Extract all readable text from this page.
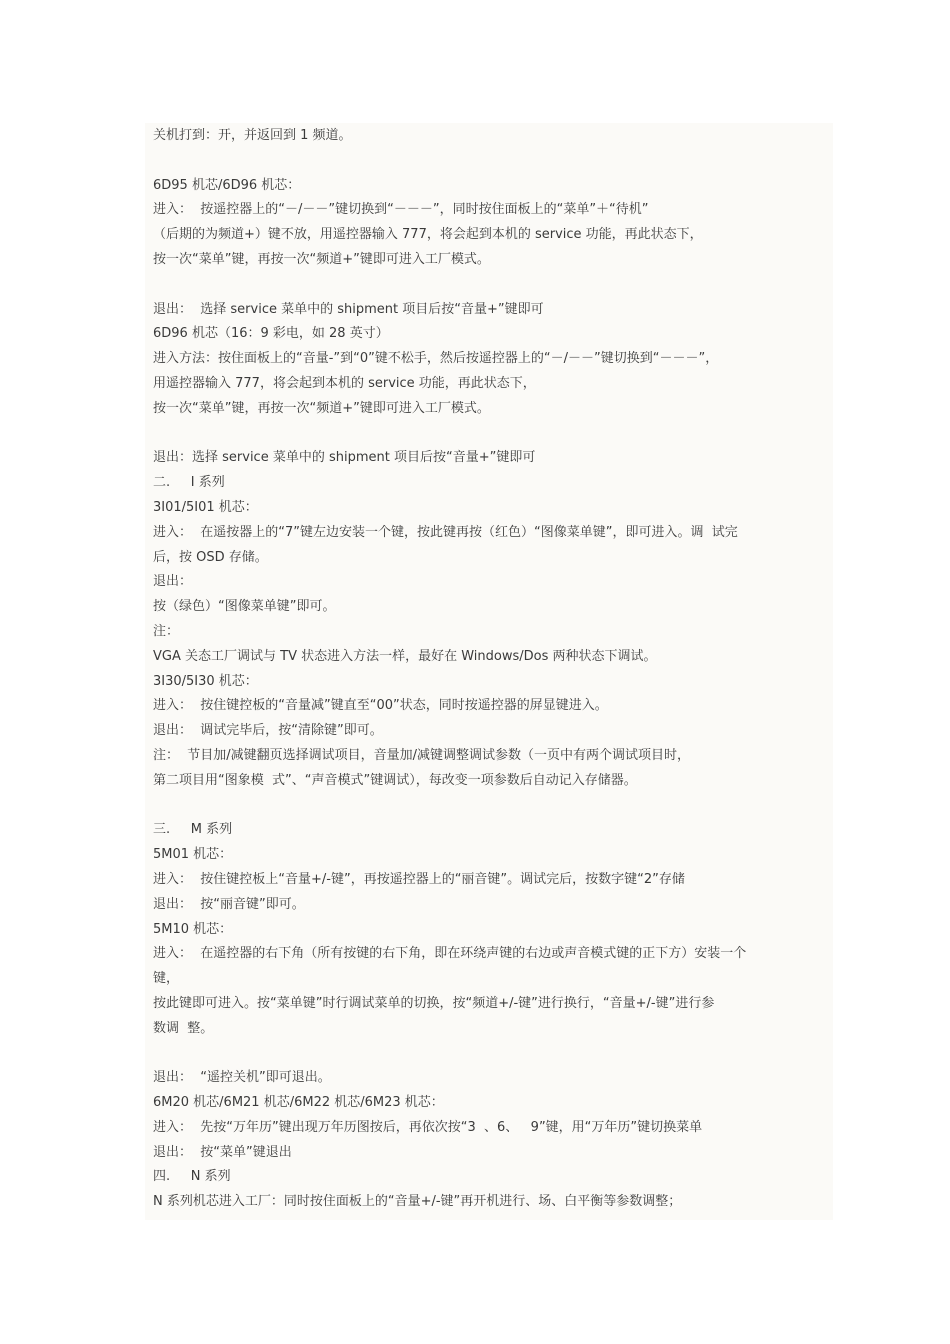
关机打到：开，并返回到 1 频道。
6D95 机芯/6D96 机芯：
进入：  按遥控器上的“－/－－”键切换到“－－－”，同时按住面板上的“菜单”＋“待机”
（后期的为频道+）键不放，用遥控器输入 777，将会起到本机的 service 功能，再此状态下，
按一次“菜单”键，再按一次“频道+”键即可进入工厂模式。
退出：  选择 service 菜单中的 shipment 项目后按“音量+”键即可
6D96 机芯（16：9 彩电，如 28 英寸）
进入方法：按住面板上的“音量-”到“0”键不松手，然后按遥控器上的“－/－－”键切换到“－－－”，
用遥控器输入 777，将会起到本机的 service 功能，再此状态下，
按一次“菜单”键，再按一次“频道+”键即可进入工厂模式。
退出：选择 service 菜单中的 shipment 项目后按“音量+”键即可
二.     I 系列
3I01/5I01 机芯：
进入：  在遥按器上的“7”键左边安装一个键，按此键再按（红色）“图像菜单键”，即可进入。调  试完
后，按 OSD 存储。
退出：
按（绿色）“图像菜单键”即可。
注：
VGA 关态工厂调试与 TV 状态进入方法一样，最好在 Windows/Dos 两种状态下调试。
3I30/5I30 机芯：
进入：  按住键控板的“音量减”键直至“00”状态，同时按遥控器的屏显键进入。
退出：  调试完毕后，按“清除键”即可。
注：  节目加/减键翻页选择调试项目，音量加/减键调整调试参数（一页中有两个调试项目时，
第二项目用“图象模  式”、“声音模式”键调试），每改变一项参数后自动记入存储器。
三.     M 系列
5M01 机芯：
进入：  按住键控板上“音量+/-键”，再按遥控器上的“丽音键”。调试完后，按数字键“2”存储
退出：  按“丽音键”即可。
5M10 机芯：
进入：  在遥控器的右下角（所有按键的右下角，即在环绕声键的右边或声音模式键的正下方）安装一个
键，
按此键即可进入。按“菜单键”时行调试菜单的切换，按“频道+/-键”进行换行，“音量+/-键”进行参
数调  整。
退出：  “遥控关机”即可退出。
6M20 机芯/6M21 机芯/6M22 机芯/6M23 机芯：
进入：  先按“万年历”键出现万年历图按后，再依次按“3  、6、   9”键，用“万年历”键切换菜单
退出：  按“菜单”键退出
四.     N 系列
N 系列机芯进入工厂：同时按住面板上的“音量+/-键”再开机进行、场、白平衡等参数调整；
